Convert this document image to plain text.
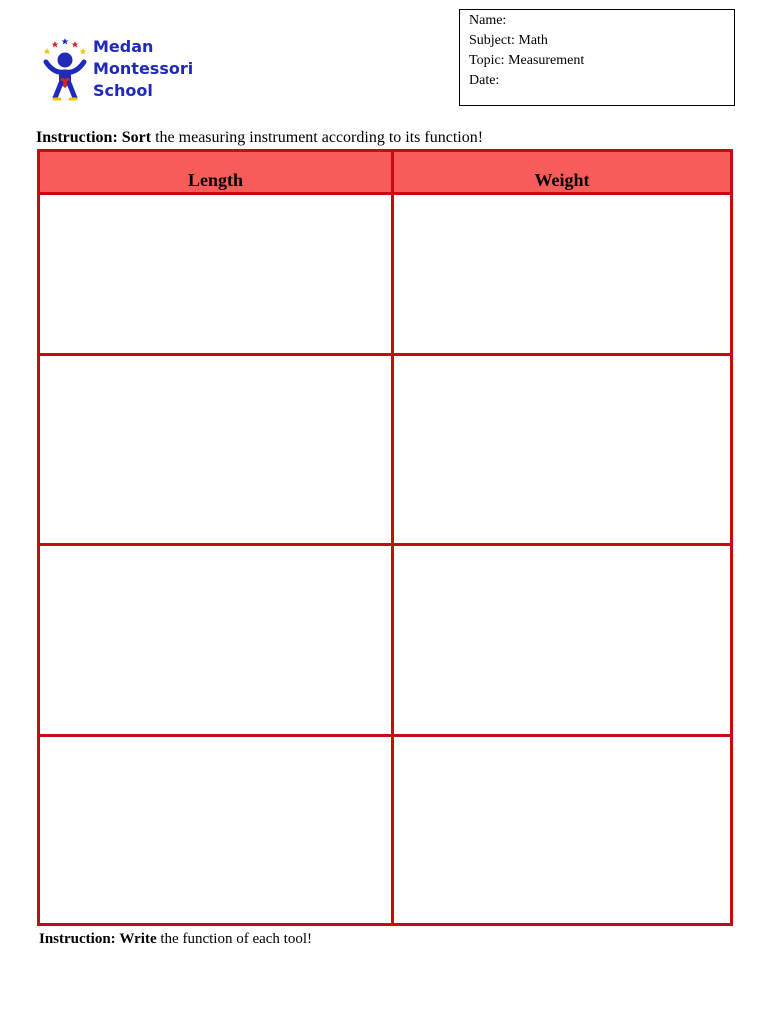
Medan
Montessori
School
Name:
Subject: Math
Topic: Measurement
Date:
Instruction: Sort the measuring instrument according to its function!
Length	Weight
Instruction: Write the function of each tool!
